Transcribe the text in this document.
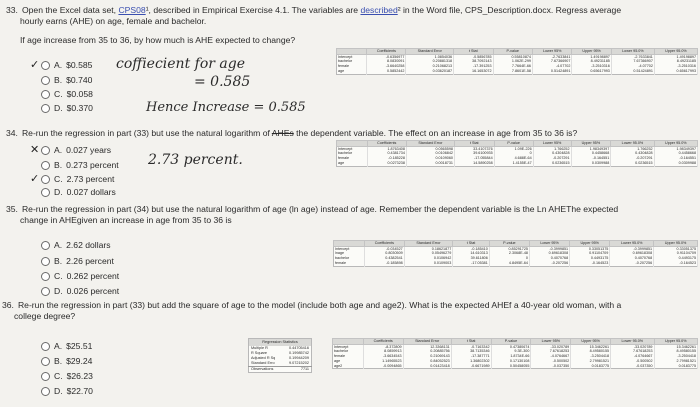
33. Open the Excel data set, CPS08¹, described in Empirical Exercise 4.1. The variables are described² in the Word file, CPS_Description.docx. Regress average
hourly earns (AHE) on age, female and bachelor.
If age increase from 35 to 36, by how much is AHE expected to change?
✓ A. $0.585
B. $0.740
C. $0.058
D. $0.370
coffiecient for age
= 0.585
Hence Increase = 0.585
	Coefficients	Standard Error	t Stat	P-value	Lower 95%	Upper 95%	Lower 95.0%	Upper 95.0%
Intercept	-0.6356977	1.0854036	-0.5856785	0.55810874	-2.7633841	1.49198897	-2.7633841	1.49198897
bachelor	8.0830091	0.20881318	38.7092143	1.062E-299	7.67366907	8.49231185	7.67366907	8.49231185
female	-3.6640258	0.21068213	-17.391253	7.7664E-66	-4.07702	-3.2510316	-4.07702	-3.2510316
age	0.5852442	0.03620187	16.1653072	7.8601E-58	0.51424891	0.65617993	0.51424891	0.65617993
34. Re-run the regression in part (33) but use the natural logarithm of AHEs the dependent variable. The effect on an increase in age from 35 to 36 is?
✕ A. 0.027 years
B. 0.273 percent
✓ C. 2.73 percent
D. 0.027 dollars
2.73 percent.
	Coefficients	Standard Error	t Stat	P-value	Lower 95%	Upper 95%	Lower 95.0%	Upper 95.0%
Intercept	1.8763408	0.0565598	33.4107376	1.09E-226	1.766252	1.98349397	1.766252	1.98349397
bachelor	0.4381734	0.0106842	39.6100935	0	0.4304828	0.4458668	0.4304828	0.4458668
female	-0.185228	0.0109060	-17.055844	4.688E-64	-0.207291	-0.164551	-0.207291	-0.164551
age	0.0273238	0.0018731	14.5890258	1.4155E-47	0.0236515	0.0309988	0.0236515	0.0309988
35. Re-run the regression in part (34) but use the natural logarithm of age (ln age) instead of age. Remember the dependent variable is the Ln AHEThe expected
change in AHEgiven an increase in age from 35 to 36 is
A. 2.62 dollars
B. 2.26 percent
C. 0.262 percent
D. 0.026 percent
	Coefficients	Standard Error	t Stat	P-value	Lower 95%	Upper 95%	Lower 95.0%	Upper 95.0%
Intercept	-0.034527	0.18621877	-0.185410	0.85291725	-0.3999851	0.33051375	-0.3999851	0.33051375
lnage	0.8030509	0.05496279	14.610313	2.3068E-48	0.69618308	0.91104709	0.69618308	0.91104709
bachelor	0.4382541	0.0106942	39.611806	0	0.4070768	0.4493175	0.4070768	0.4493175
female	-0.185898	0.0109003	-17.05381	4.8495E-64	-0.207256	-0.164523	-0.207256	-0.164523
36. Re-run the regression in part (33) but add the square of age to the model (include both age and age2). What is the expected AHEf a 40-year old woman, with a
college degree?
A. $25.51
B. $29.24
C. $26.23
D. $22.70
Regression Statistics	
Multiple R	0.44705416
R Square	0.19985742
Adjusted R Sq	0.19944209
Standard Erro	9.07215202
Observations	7711
	Coefficients	Standard Error	t Stat	P-value	Lower 95%	Upper 95%	Lower 95.0%	Upper 95.0%
Intercept	-8.372809	12.3368131	-0.7163342	0.47380674	-33.020789	15.3462261	-33.020789	15.3462261
bachelor	8.0859913	0.20885756	38.7135346	9.3E-300	7.67618253	8.49580155	7.67618253	8.49580155
female	-3.6634543	0.21069143	-17.387771	1.8734E-66	-4.0764667	-3.2504418	-4.0764667	-3.2504418
age	1.14965523	0.84052523	1.36802302	0.17130108	-0.500502	2.79981521	-0.500502	2.79981521
age2	-0.0094865	0.01423418	-0.6671989	0.50458055	-0.037350	0.0183775	-0.037350	0.0183775
